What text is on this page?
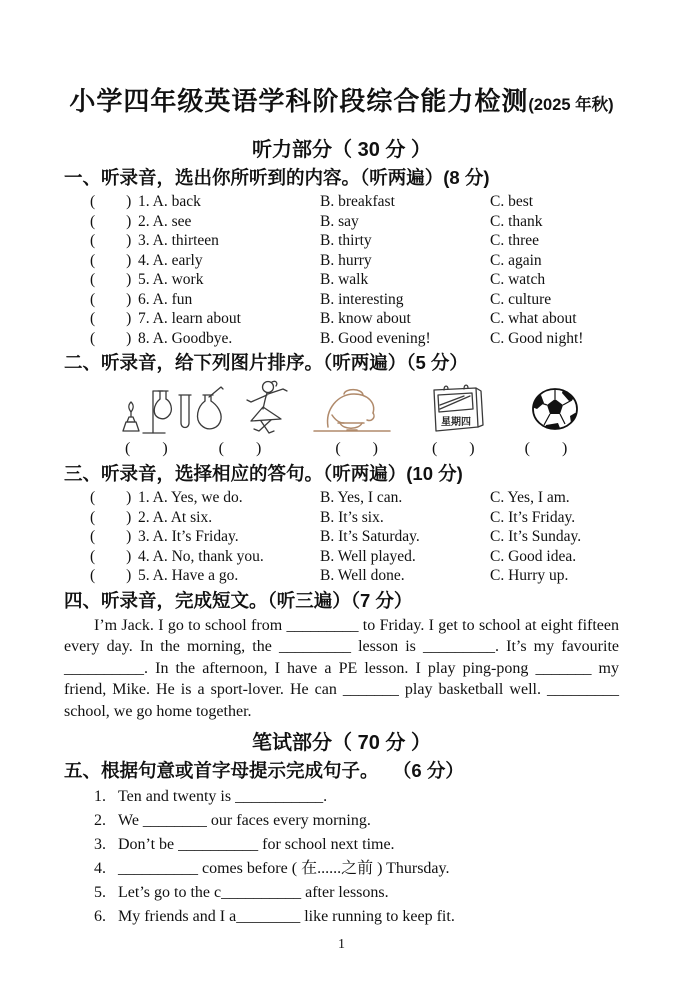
小学四年级英语学科阶段综合能力检测(2025 年秋)
听力部分（ 30 分 ）
一、听录音，选出你所听到的内容。（听两遍）(8 分)
(        ) 1. A. back	B. breakfast	C. best
(        ) 2. A. see	B. say	C. thank
(        ) 3. A. thirteen	B. thirty	C. three
(        ) 4. A. early	B. hurry	C. again
(        ) 5. A. work	B. walk	C. watch
(        ) 6. A. fun	B. interesting	C. culture
(        ) 7. A. learn about	B. know about	C. what about
(        ) 8. A. Goodbye.	B. Good evening!	C. Good night!
二、听录音，给下列图片排序。（听两遍）（5 分）
星期四
(        )	(        )	(        )	(        )	(        )
三、听录音，选择相应的答句。（听两遍）(10 分)
(        ) 1. A. Yes, we do.	B. Yes, I can.	C. Yes, I am.
(        ) 2. A. At six.	B. It’s six.	C. It’s Friday.
(        ) 3. A. It’s Friday.	B. It’s Saturday.	C. It’s Sunday.
(        ) 4. A. No, thank you.	B. Well played.	C. Good idea.
(        ) 5. A. Have a go.	B. Well done.	C. Hurry up.
四、听录音，完成短文。（听三遍）（7 分）

I’m Jack. I go to school from _________ to Friday. I get to school at eight fifteen every day. In the morning, the _________ lesson is _________. It’s my favourite __________. In the afternoon, I have a PE lesson. I play ping-pong _______ my friend, Mike. He is a sport-lover. He can _______ play basketball well. _________ school, we go home together.

笔试部分（ 70 分 ）
五、根据句意或首字母提示完成句子。　 （6 分）
1. Ten and twenty is ___________.
2. We ________ our faces every morning.
3. Don’t be __________ for school next time.
4. __________ comes before ( 在......之前 ) Thursday.
5. Let’s go to the c__________ after lessons.
6. My friends and I a________ like running to keep fit.
1
